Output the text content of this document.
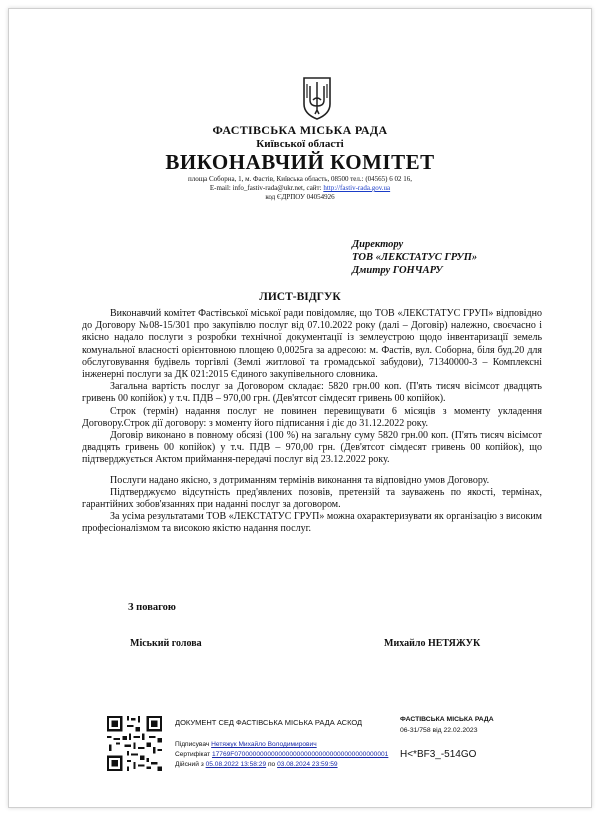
ФАСТІВСЬКА МІСЬКА РАДА
Київської області
ВИКОНАВЧИЙ КОМІТЕТ
площа Соборна, 1, м. Фастів, Київська область, 08500 тел.: (04565) 6 02 16,
E-mail: info_fastiv-rada@ukr.net, сайт: http://fastiv-rada.gov.ua
код ЄДРПОУ 04054926
Директору
ТОВ «ЛЕКСТАТУС ГРУП»
Дмитру ГОНЧАРУ
ЛИСТ-ВІДГУК

Виконавчий комітет Фастівської міської ради повідомляє, що ТОВ «ЛЕКСТАТУС ГРУП» відповідно до Договору №08-15/301 про закупівлю послуг від 07.10.2022 року (далі – Договір) належно, своєчасно і якісно надало послуги з розробки технічної документації із землеустрою щодо інвентаризації земель комунальної власності орієнтовною площею 0,0025га за адресою: м. Фастів, вул. Соборна, біля буд.20 для обслуговування будівель торгівлі (Землі житлової та громадської забудови), 71340000-3 – Комплексні інженерні послуги за ДК 021:2015 Єдиного закупівельного словника.

Загальна вартість послуг за Договором складає: 5820 грн.00 коп. (П'ять тисяч вісімсот двадцять гривень 00 копійок) у т.ч. ПДВ – 970,00 грн. (Дев'ятсот сімдесят гривень 00 копійок).

Строк (термін) надання послуг не повинен перевищувати 6 місяців з моменту укладення Договору.Строк дії договору: з моменту його підписання і діє до 31.12.2022 року.

Договір виконано в повному обсязі (100 %) на загальну суму 5820 грн.00 коп. (П'ять тисяч вісімсот двадцять гривень 00 копійок) у т.ч. ПДВ – 970,00 грн. (Дев'ятсот сімдесят гривень 00 копійок), що підтверджується Актом приймання-передачі послуг від 23.12.2022 року.

Послуги надано якісно, з дотриманням термінів виконання та відповідно умов Договору.

Підтверджуємо відсутність пред'явлених позовів, претензій та зауважень по якості, термінах, гарантійних зобов'язаннях при наданні послуг за договором.

За усіма результатами ТОВ «ЛЕКСТАТУС ГРУП» можна охарактеризувати як організацію з високим професіоналізмом та високою якістю надання послуг.

З повагою
Міський голова	Михайло НЕТЯЖУК
ДОКУМЕНТ СЕД ФАСТІВСЬКА МІСЬКА РАДА АСКОД
Підписувач Нетяжук Михайло Володимирович
Сертифікат 17769F070000000000000000000000000000000000000001
Дійсний з 05.08.2022 13:58:29 по 03.08.2024 23:59:59
ФАСТІВСЬКА МІСЬКА РАДА
06-31/758 від 22.02.2023
Н<*ВF3_-514GO
